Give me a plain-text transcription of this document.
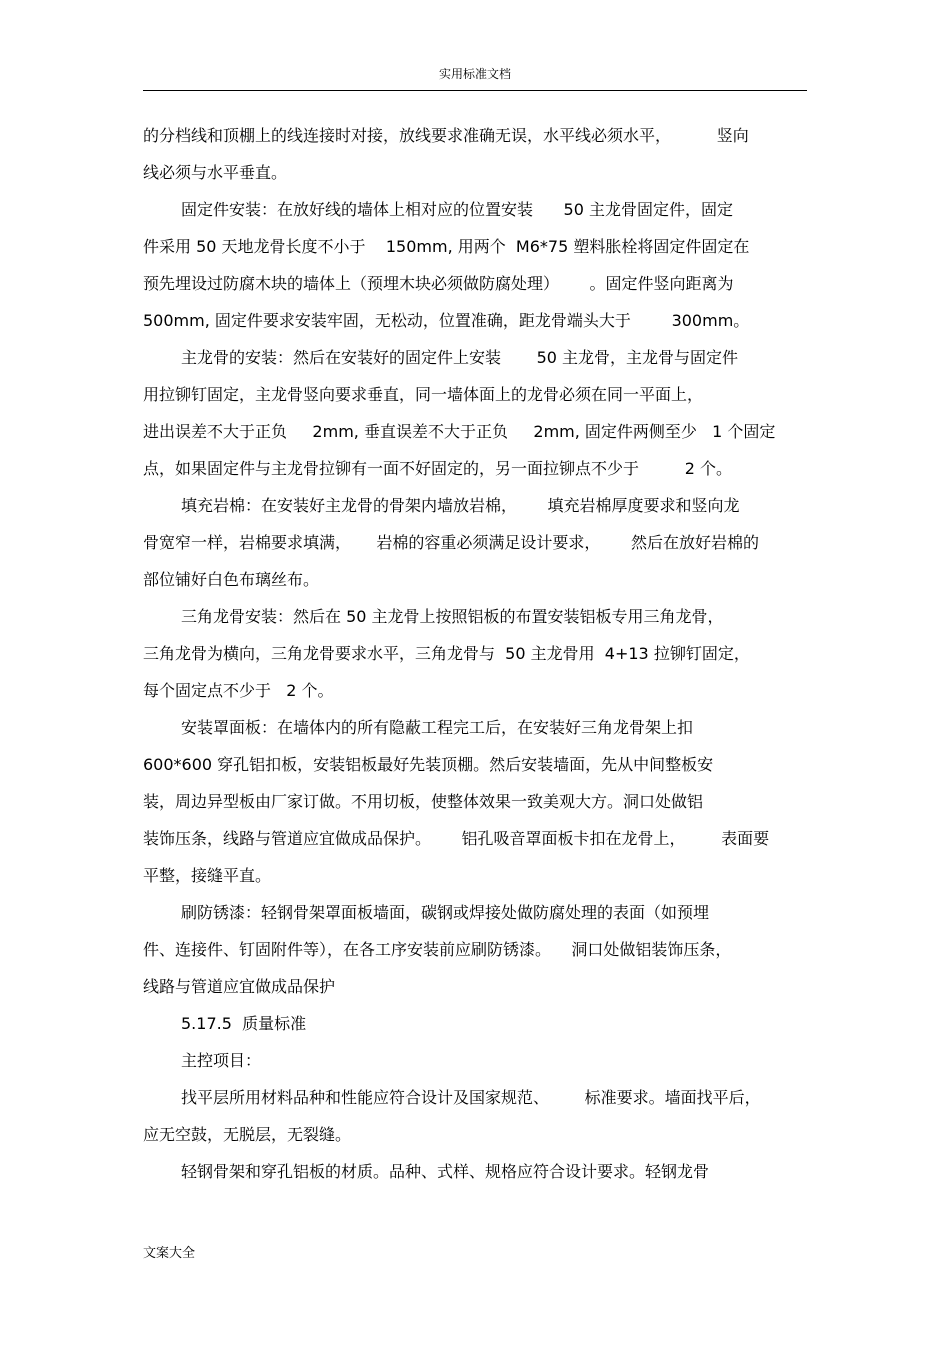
实用标准文档
的分档线和顶棚上的线连接时对接，放线要求准确无误，水平线必须水平，         竖向
线必须与水平垂直。
固定件安装：在放好线的墙体上相对应的位置安装      50 主龙骨固定件，固定
件采用 50 天地龙骨长度不小于    150mm, 用两个  M6*75 塑料胀栓将固定件固定在
预先埋设过防腐木块的墙体上（预埋木块必须做防腐处理）      。固定件竖向距离为
500mm, 固定件要求安装牢固，无松动，位置准确，距龙骨端头大于        300mm。
主龙骨的安装：然后在安装好的固定件上安装       50 主龙骨，主龙骨与固定件
用拉铆钉固定，主龙骨竖向要求垂直，同一墙体面上的龙骨必须在同一平面上，
进出误差不大于正负     2mm, 垂直误差不大于正负     2mm, 固定件两侧至少   1 个固定
点，如果固定件与主龙骨拉铆有一面不好固定的，另一面拉铆点不少于         2 个。
填充岩棉：在安装好主龙骨的骨架内墙放岩棉，      填充岩棉厚度要求和竖向龙
骨宽窄一样，岩棉要求填满，     岩棉的容重必须满足设计要求，      然后在放好岩棉的
部位铺好白色布璃丝布。
三角龙骨安装：然后在 50 主龙骨上按照铝板的布置安装铝板专用三角龙骨，
三角龙骨为横向，三角龙骨要求水平，三角龙骨与  50 主龙骨用  4+13 拉铆钉固定，
每个固定点不少于   2 个。
安装罩面板：在墙体内的所有隐蔽工程完工后，在安装好三角龙骨架上扣
600*600 穿孔铝扣板，安装铝板最好先装顶棚。然后安装墙面，先从中间整板安
装，周边异型板由厂家订做。不用切板，使整体效果一致美观大方。洞口处做铝
装饰压条，线路与管道应宜做成品保护。      铝孔吸音罩面板卡扣在龙骨上，       表面要
平整，接缝平直。
刷防锈漆：轻钢骨架罩面板墙面，碳钢或焊接处做防腐处理的表面（如预埋
件、连接件、钉固附件等），在各工序安装前应刷防锈漆。    洞口处做铝装饰压条，
线路与管道应宜做成品保护
5.17.5  质量标准
主控项目：
找平层所用材料品种和性能应符合设计及国家规范、       标准要求。墙面找平后，
应无空鼓，无脱层，无裂缝。
轻钢骨架和穿孔铝板的材质。品种、式样、规格应符合设计要求。轻钢龙骨
文案大全
